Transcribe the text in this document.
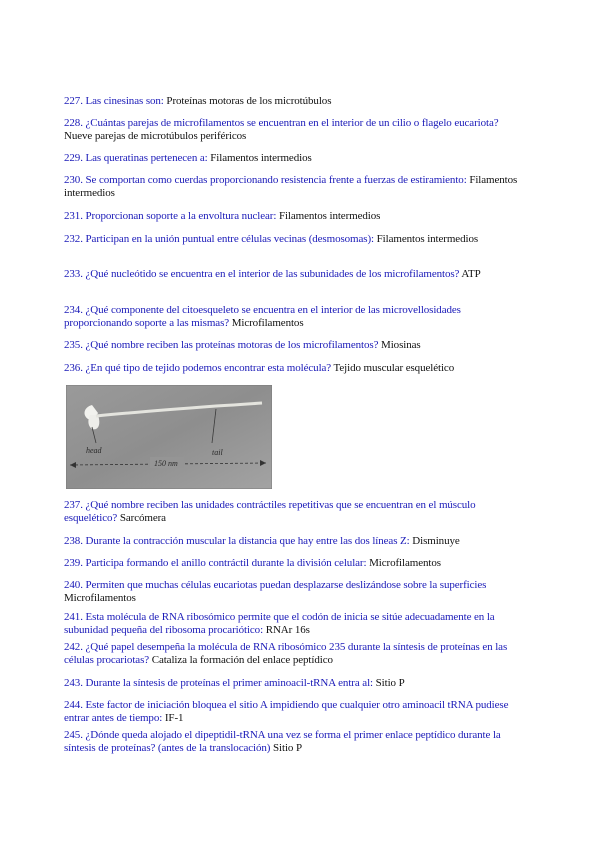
227. Las cinesinas son: Proteínas motoras de los microtúbulos

228. ¿Cuántas parejas de microfilamentos se encuentran en el interior de un cilio o flagelo eucariota? Nueve parejas de microtúbulos periféricos

229. Las queratinas pertenecen a: Filamentos intermedios

230. Se comportan como cuerdas proporcionando resistencia frente a fuerzas de estiramiento: Filamentos intermedios

231. Proporcionan soporte a la envoltura nuclear: Filamentos intermedios

232. Participan en la unión puntual entre células vecinas (desmosomas): Filamentos intermedios

233. ¿Qué nucleótido se encuentra en el interior de las subunidades de los microfilamentos? ATP

234. ¿Qué componente del citoesqueleto se encuentra en el interior de las microvellosidades proporcionando soporte a las mismas? Microfilamentos

235. ¿Qué nombre reciben las proteínas motoras de los microfilamentos? Miosinas

236. ¿En qué tipo de tejido podemos encontrar esta molécula? Tejido muscular esquelético

head	tail
150 nm

237. ¿Qué nombre reciben las unidades contráctiles repetitivas que se encuentran en el músculo esquelético? Sarcómera

238. Durante la contracción muscular la distancia que hay entre las dos líneas Z: Disminuye

239. Participa formando el anillo contráctil durante la división celular: Microfilamentos

240. Permiten que muchas células eucariotas puedan desplazarse deslizándose sobre la superficies Microfilamentos

241. Esta molécula de RNA ribosómico permite que el codón de inicia se sitúe adecuadamente en la subunidad pequeña del ribosoma procariótico: RNAr 16s

242. ¿Qué papel desempeña la molécula de RNA ribosómico 235 durante la síntesis de proteínas en las células procariotas? Cataliza la formación del enlace peptídico

243. Durante la síntesis de proteínas el primer aminoacil-tRNA entra al: Sitio P

244. Este factor de iniciación bloquea el sitio A impidiendo que cualquier otro aminoacil tRNA pudiese entrar antes de tiempo: IF-1

245. ¿Dónde queda alojado el dipeptidil-tRNA una vez se forma el primer enlace peptídico durante la síntesis de proteínas? (antes de la translocación) Sitio P
